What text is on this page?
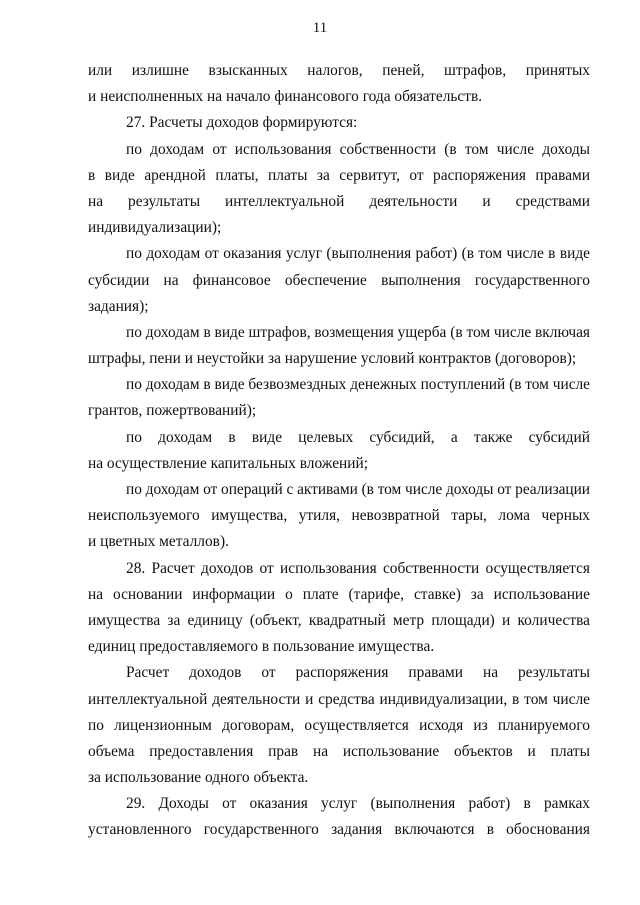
11
или излишне взысканных налогов, пеней, штрафов, принятых
и неисполненных на начало финансового года обязательств.
27. Расчеты доходов формируются:
по доходам от использования собственности (в том числе доходы
в виде арендной платы, платы за сервитут, от распоряжения правами
на результаты интеллектуальной деятельности и средствами
индивидуализации);
по доходам от оказания услуг (выполнения работ) (в том числе в виде
субсидии на финансовое обеспечение выполнения государственного
задания);
по доходам в виде штрафов, возмещения ущерба (в том числе включая
штрафы, пени и неустойки за нарушение условий контрактов (договоров);
по доходам в виде безвозмездных денежных поступлений (в том числе
грантов, пожертвований);
по доходам в виде целевых субсидий, а также субсидий
на осуществление капитальных вложений;
по доходам от операций с активами (в том числе доходы от реализации
неиспользуемого имущества, утиля, невозвратной тары, лома черных
и цветных металлов).
28. Расчет доходов от использования собственности осуществляется
на основании информации о плате (тарифе, ставке) за использование
имущества за единицу (объект, квадратный метр площади) и количества
единиц предоставляемого в пользование имущества.
Расчет доходов от распоряжения правами на результаты
интеллектуальной деятельности и средства индивидуализации, в том числе
по лицензионным договорам, осуществляется исходя из планируемого
объема предоставления прав на использование объектов и платы
за использование одного объекта.
29. Доходы от оказания услуг (выполнения работ) в рамках
установленного государственного задания включаются в обоснования
